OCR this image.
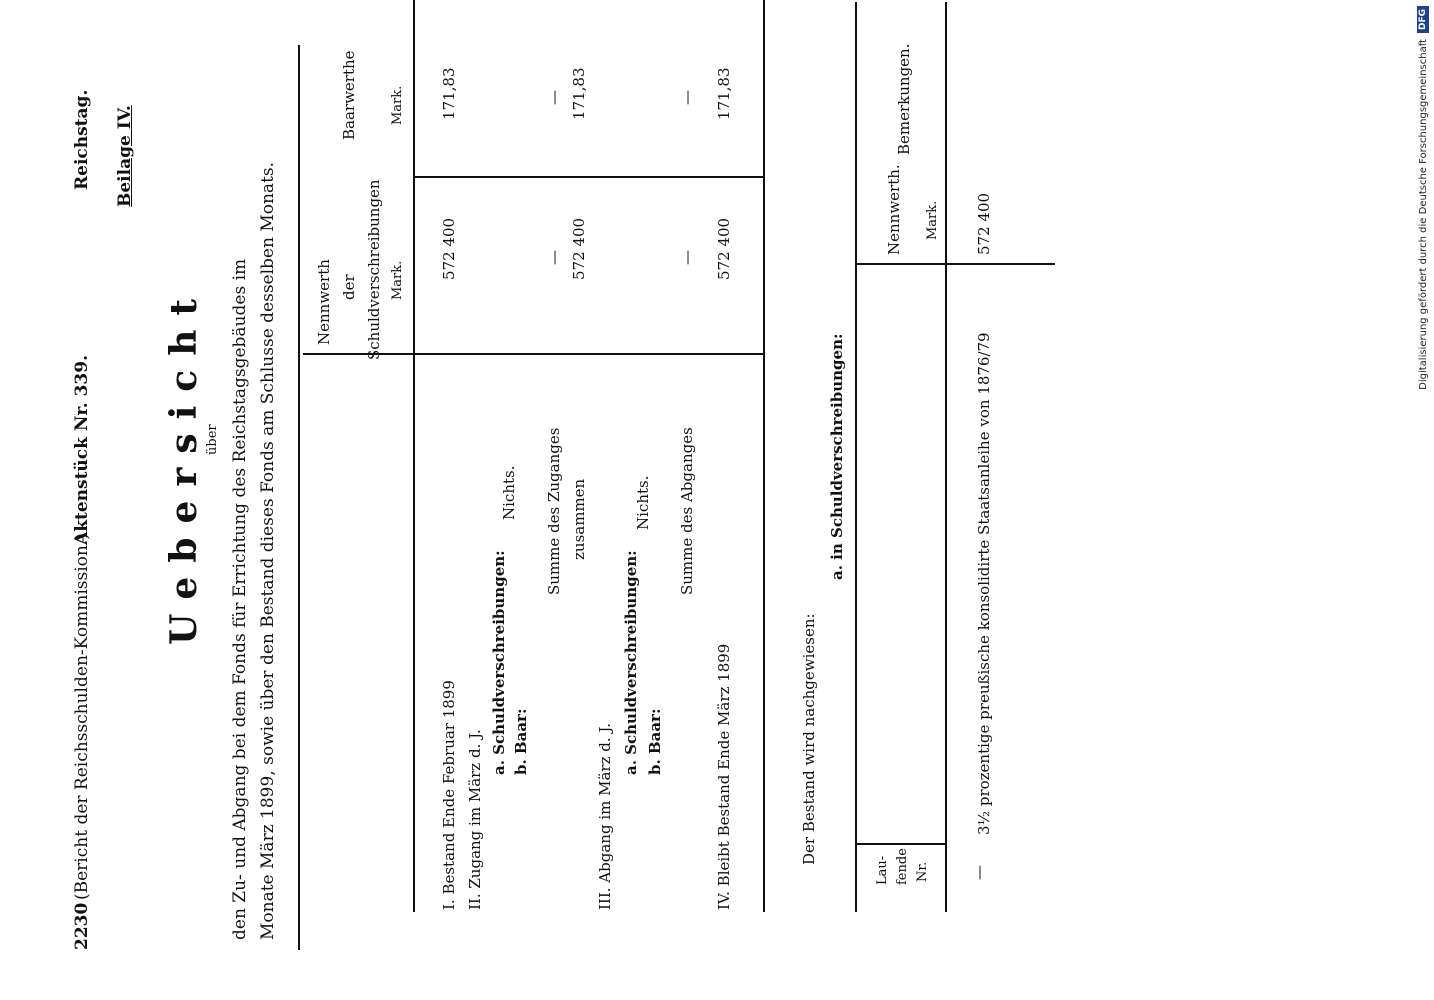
Digitalisierung gefördert durch die Deutsche Forschungsgemeinschaft
DFG
2230
Reichstag.
Aktenstück Nr. 339.
(Bericht der Reichsschulden-Kommission.)
Beilage IV.
Uebersicht über den Zu- und Abgang bei dem Fonds für Errichtung des Reichstagsgebäudes im Monate März 1899, sowie über den Bestand dieses Fonds am Schlusse desselben Monats. Nennwerth der Schuldverschreibungen Mark.
Baarwerthe Mark.
I. Bestand Ende Februar 1899
572 400
171,83
II. Zugang im März d. J.
a. Schuldverschreibungen: b. Baar:
Nichts. Summe des Zuganges
—
—
zusammen
572 400
171,83
III. Abgang im März d. J.
a. Schuldverschreibungen: b. Baar:
Nichts. Summe des Abganges
—
—
IV. Bleibt Bestand Ende März 1899
572 400
171,83
Der Bestand wird nachgewiesen:
a. in Schuldverschreibungen:
Lau- fende Nr.
Nennwerth. Mark.
Bemerkungen.
—
3½ prozentige preußische konsolidirte Staatsanleihe von 1876/79
572 400
